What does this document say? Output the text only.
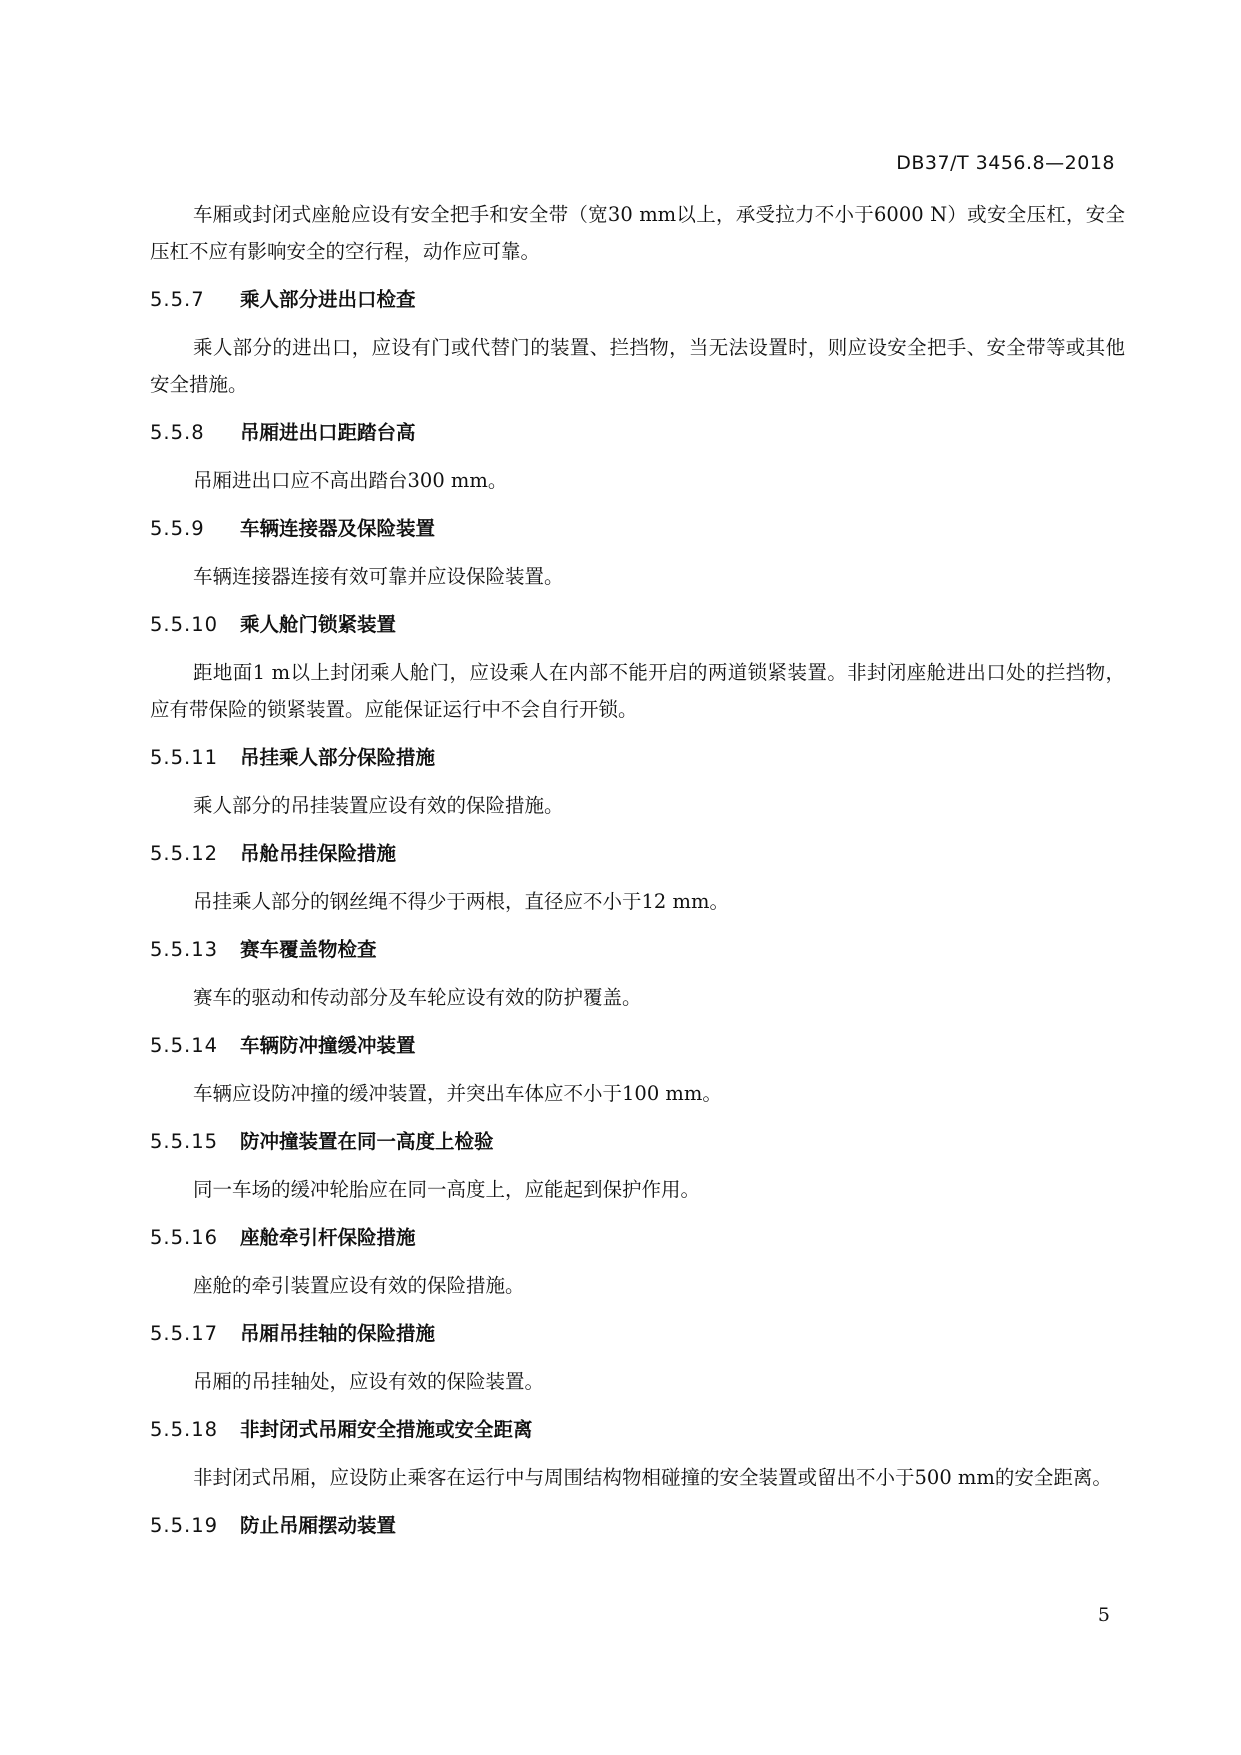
DB37/T 3456.8—2018

车厢或封闭式座舱应设有安全把手和安全带（宽30 mm以上，承受拉力不小于6000 N）或安全压杠，安全压杠不应有影响安全的空行程，动作应可靠。

5.5.7 乘人部分进出口检查

乘人部分的进出口，应设有门或代替门的装置、拦挡物，当无法设置时，则应设安全把手、安全带等或其他安全措施。

5.5.8 吊厢进出口距踏台高

吊厢进出口应不高出踏台300 mm。

5.5.9 车辆连接器及保险装置

车辆连接器连接有效可靠并应设保险装置。

5.5.10 乘人舱门锁紧装置

距地面1 m以上封闭乘人舱门，应设乘人在内部不能开启的两道锁紧装置。非封闭座舱进出口处的拦挡物，应有带保险的锁紧装置。应能保证运行中不会自行开锁。

5.5.11 吊挂乘人部分保险措施

乘人部分的吊挂装置应设有效的保险措施。

5.5.12 吊舱吊挂保险措施

吊挂乘人部分的钢丝绳不得少于两根，直径应不小于12 mm。

5.5.13 赛车覆盖物检查

赛车的驱动和传动部分及车轮应设有效的防护覆盖。

5.5.14 车辆防冲撞缓冲装置

车辆应设防冲撞的缓冲装置，并突出车体应不小于100 mm。

5.5.15 防冲撞装置在同一高度上检验

同一车场的缓冲轮胎应在同一高度上，应能起到保护作用。

5.5.16 座舱牵引杆保险措施

座舱的牵引装置应设有效的保险措施。

5.5.17 吊厢吊挂轴的保险措施

吊厢的吊挂轴处，应设有效的保险装置。

5.5.18 非封闭式吊厢安全措施或安全距离

非封闭式吊厢，应设防止乘客在运行中与周围结构物相碰撞的安全装置或留出不小于500 mm的安全距离。

5.5.19 防止吊厢摆动装置
5
